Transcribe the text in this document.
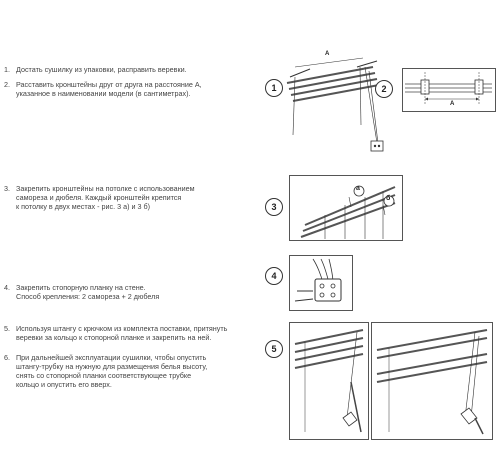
1. Достать сушилку из упаковки, расправить веревки.
2. Расставить кронштейны друг от друга на расстояние А,
указанное в наименовании модели (в сантиметрах).
3. Закрепить кронштейны на потолке с использованием
самореза и дюбеля. Каждый кронштейн крепится
к потолку в двух местах - рис. 3 а) и 3 б)
4. Закрепить стопорную планку на стене.
Способ крепления: 2 самореза + 2 дюбеля
5. Используя штангу с крючком из комплекта поставки, притянуть
веревки за кольцо к стопорной планке и закрепить на ней.
6. При дальнейшей эксплуатации сушилки, чтобы опустить
штангу-трубку на нужную для размещения белья высоту,
снять со стопорной планки соответствующее трубке
кольцо и опустить его вверх.
1
A
2
A
3
a
б
4
5
